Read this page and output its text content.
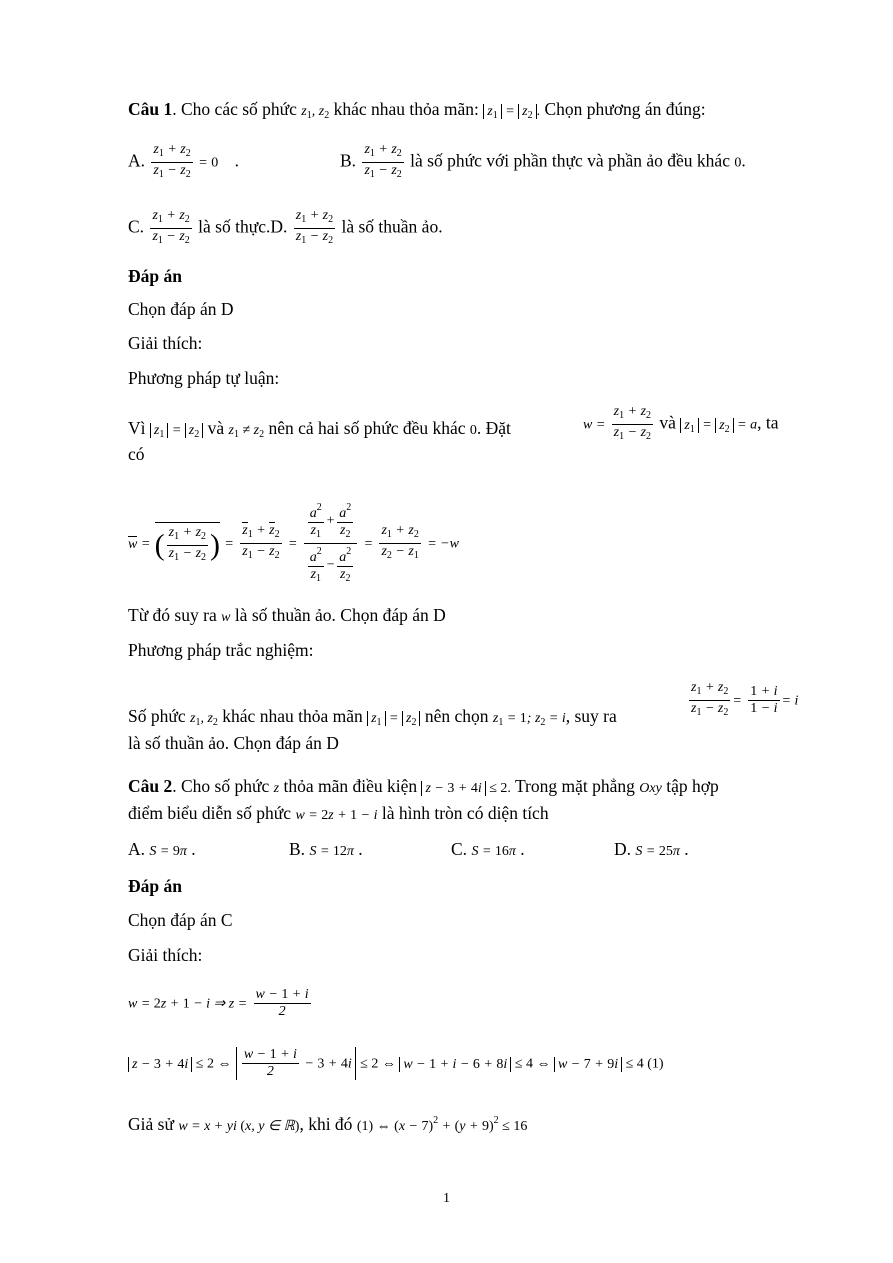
Câu 1. Cho các số phức $z_1$, $z_2$ khác nhau thỏa mãn: $z_1 = z_2$ . Chọn phương án đúng:
A. $\frac{z_1 + z_2}{z_1 - z_2} = 0$ .	B. $\frac{z_1 + z_2}{z_1 - z_2}$ là số phức với phần thực và phần ảo đều khác 0.
C. $\frac{z_1 + z_2}{z_1 - z_2}$ là số thực.D. $\frac{z_1 + z_2}{z_1 - z_2}$ là số thuần ảo.
Đáp án
Chọn đáp án D
Giải thích:
Phương pháp tự luận:
Vì $z_1 = z_2$ và $z_1 \ne z_2$ nên cả hai số phức đều khác 0. Đặt	$w = \frac{z_1 + z_2}{z_1 - z_2}$ và $z_1 = z_2 = a$, ta
có
w = ( $\frac{z_1 + z_2}{z_1 - z_2}$ ) = $\frac{z_1 + z_2}{z_1 - z_2} = \frac{\frac{a^2}{z_1} + \frac{a^2}{z_2}}{\frac{a^2}{z_1} - \frac{a^2}{z_2}} = \frac{z_1 + z_2}{z_2 - z_1} = -w$
Từ đó suy ra w là số thuần ảo. Chọn đáp án D
Phương pháp trắc nghiệm:
Số phức $z_1$, $z_2$ khác nhau thỏa mãn $z_1 = z_2$ nên chọn $z_1 = 1$; $z_2 = i$, suy ra	$\frac{z_1 + z_2}{z_1 - z_2} = \frac{1 + i}{1 - i} = i$
là số thuần ảo. Chọn đáp án D
Câu 2. Cho số phức z thỏa mãn điều kiện z − 3 + 4i ≤ 2. Trong mặt phẳng Oxy tập hợp
điểm biểu diễn số phức w = 2z + 1 − i là hình tròn có diện tích
A. S = 9π .	B. S = 12π .	C. S = 16π .	D. S = 25π .
Đáp án
Chọn đáp án C
Giải thích:
w = 2z + 1 − i ⇒ $z = \frac{w - 1 + i}{2}$
z − 3 + 4i ≤ 2 ⇔ $\frac{w - 1 + i}{2} - 3 + 4i \le 2$ ⇔ w − 1 + i − 6 + 8i ≤ 4 ⇔ w − 7 + 9i ≤ 4 (1)
Giả sử w = x + yi (x, y ∈ ℝ), khi đó (1) ⇔ $(x - 7)^2 + (y + 9)^2 \le 16$
1
